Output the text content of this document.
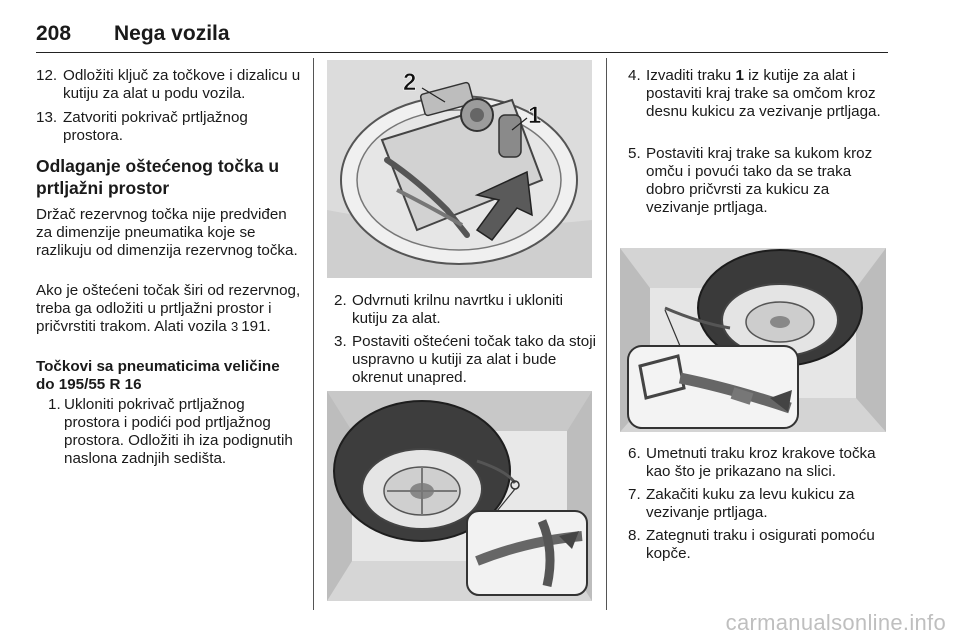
208 Nega vozila
12. Odložiti ključ za točkove i dizalicu u kutiju za alat u podu vozila.
13. Zatvoriti pokrivač prtljažnog prostora.
Odlaganje oštećenog točka u prtljažni prostor
Držač rezervnog točka nije predviđen za dimenzije pneumatika koje se razlikuju od dimenzija rezervnog točka.
Ako je oštećeni točak širi od rezervnog, treba ga odložiti u prtljažni prostor i pričvrstiti trakom. Alati vozila 3 191.
Točkovi sa pneumaticima veličine do 195/55 R 16
1. Ukloniti pokrivač prtljažnog prostora i podići pod prtljažnog prostora. Odložiti ih iza podignutih naslona zadnjih sedišta.
2
1
2. Odvrnuti krilnu navrtku i ukloniti kutiju za alat.
3. Postaviti oštećeni točak tako da stoji uspravno u kutiji za alat i bude okrenut unapred.
4. Izvaditi traku 1 iz kutije za alat i postaviti kraj trake sa omčom kroz desnu kukicu za vezivanje prtljaga.
5. Postaviti kraj trake sa kukom kroz omču i povući tako da se traka dobro pričvrsti za kukicu za vezivanje prtljaga.
6. Umetnuti traku kroz krakove točka kao što je prikazano na slici.
7. Zakačiti kuku za levu kukicu za vezivanje prtljaga.
8. Zategnuti traku i osigurati pomoću kopče.
carmanualsonline.info
